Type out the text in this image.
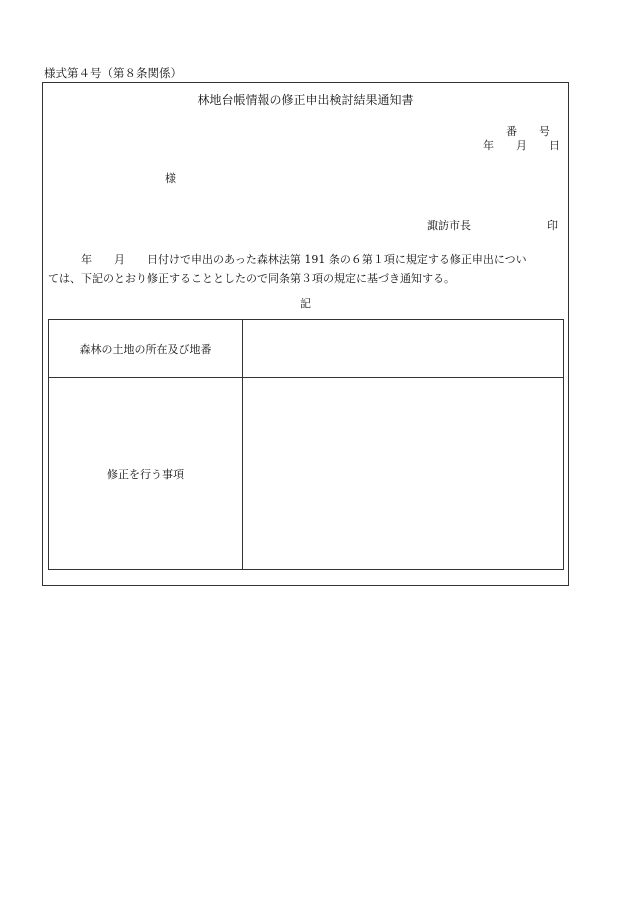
様式第４号（第８条関係）
林地台帳情報の修正申出検討結果通知書
番　　号
年　　月　　日
様
諏訪市長	印
　　　年　　月　　日付けで申出のあった森林法第 191 条の６第１項に規定する修正申出につい
ては、下記のとおり修正することとしたので同条第３項の規定に基づき通知する。
記
森林の土地の所在及び地番
修正を行う事項
